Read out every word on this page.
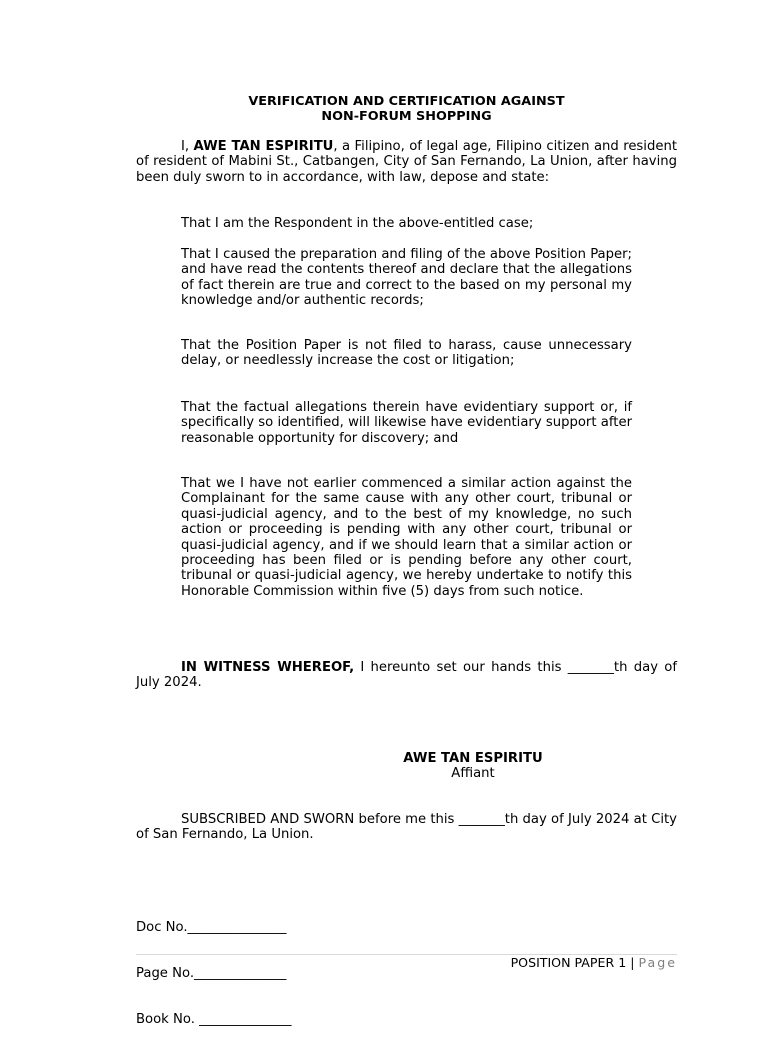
VERIFICATION AND CERTIFICATION AGAINST
NON-FORUM SHOPPING
I, AWE TAN ESPIRITU, a Filipino, of legal age, Filipino citizen and resident of resident of Mabini St., Catbangen, City of San Fernando, La Union, after having been duly sworn to in accordance, with law, depose and state:
That I am the Respondent in the above-entitled case;
That I caused the preparation and filing of the above Position Paper; and have read the contents thereof and declare that the allegations of fact therein are true and correct to the based on my personal my knowledge and/or authentic records;
That the Position Paper is not filed to harass, cause unnecessary delay, or needlessly increase the cost or litigation;
That the factual allegations therein have evidentiary support or, if specifically so identified, will likewise have evidentiary support after reasonable opportunity for discovery; and
That we I have not earlier commenced a similar action against the Complainant for the same cause with any other court, tribunal or quasi-judicial agency, and to the best of my knowledge, no such action or proceeding is pending with any other court, tribunal or quasi-judicial agency, and if we should learn that a similar action or proceeding has been filed or is pending before any other court, tribunal or quasi-judicial agency, we hereby undertake to notify this Honorable Commission within five (5) days from such notice.
IN WITNESS WHEREOF, I hereunto set our hands this _______th day of July 2024.
AWE TAN ESPIRITU
Affiant
SUBSCRIBED AND SWORN before me this _______th day of July 2024 at City of San Fernando, La Union.

Doc No._______________

Page No.______________

Book No. ______________

POSITION PAPER 1 | Page
